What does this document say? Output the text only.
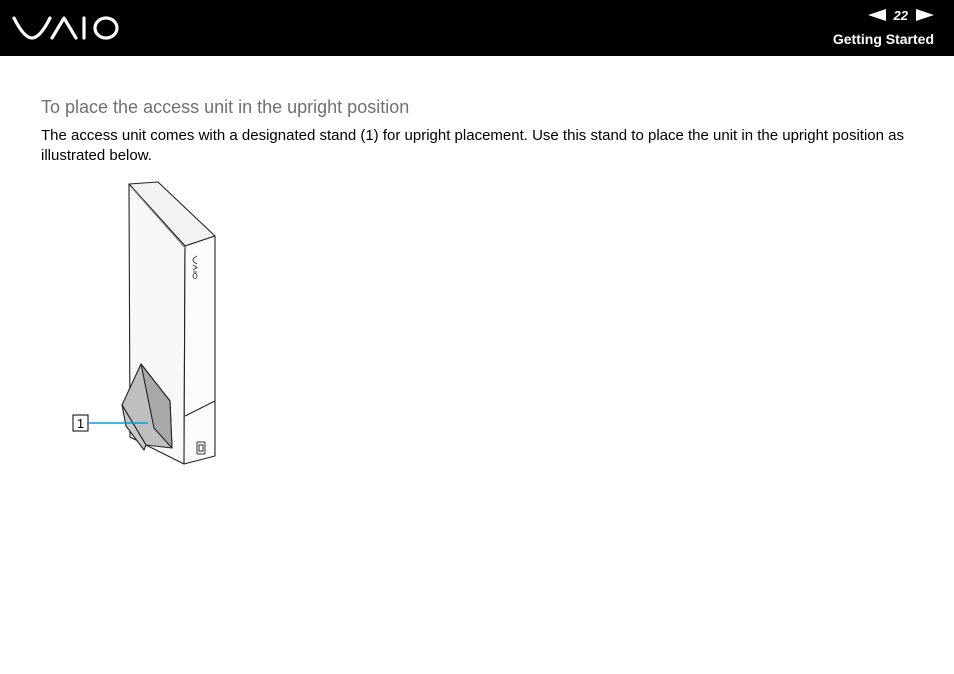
22
Getting Started
To place the access unit in the upright position

The access unit comes with a designated stand (1) for upright placement. Use this stand to place the unit in the upright position as illustrated below.

1
